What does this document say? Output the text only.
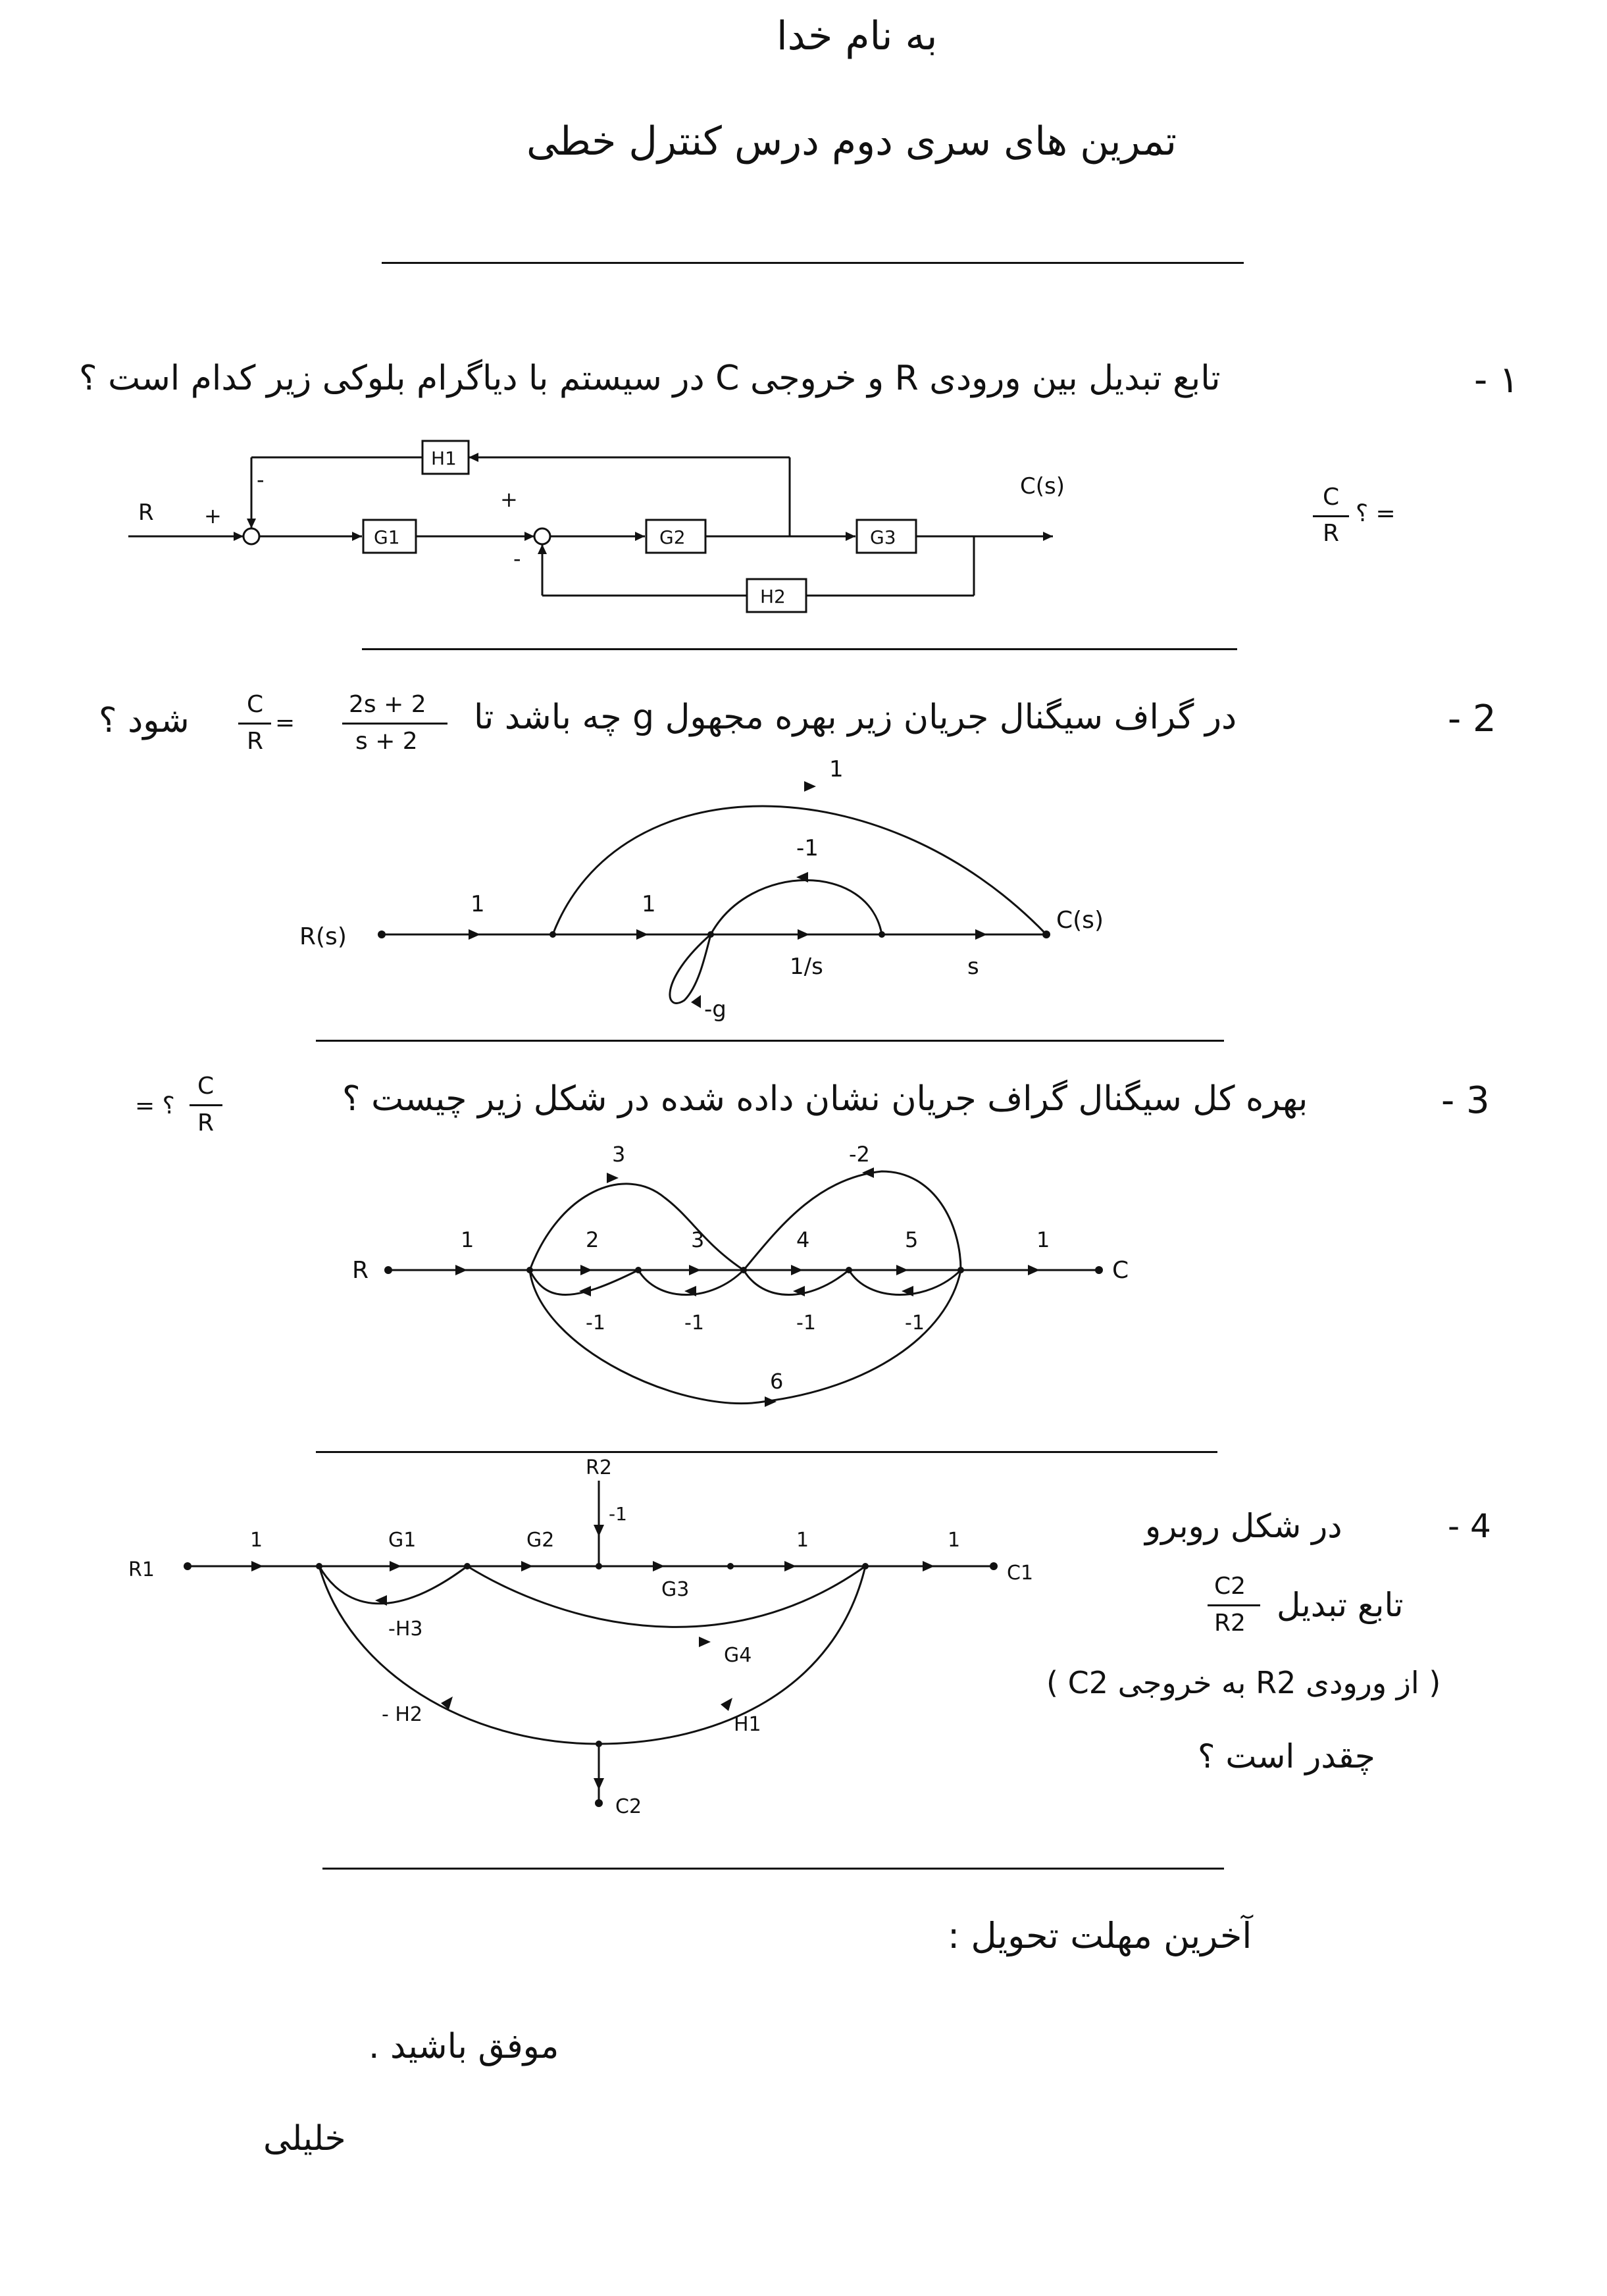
به نام خدا
تمرین های سری دوم درس کنترل خطی
۱ -
تابع تبدیل بین ورودی R و خروجی C در سیستم با دیاگرام بلوکی زیر کدام است ؟
R +
-
+
-
G1	G2	G3
H1
H2
C(s)	C
R
= ؟
2 -
در گراف سیگنال جریان زیر بهره مجهول g چه باشد تا
2s + 2
s + 2
=
C
R
شود ؟
R(s)
C(s)
1	1
1/s	s
1
-1
-g
3 -
بهره کل سیگنال گراف جریان نشان داده شده در شکل زیر چیست ؟
؟ =
C
R
R	C
1	2	3	4	5	1
3	-2
-1	-1	-1	-1
6
R1
R2
C1
C2
1	G1	G2
-1
1	1
G3
-H3
G4
- H2	H1
4 -
در شکل روبرو
C2
R2 تابع تبدیل
( از ورودی R2 به خروجی C2 )
چقدر است ؟
آخرین مهلت تحویل :
موفق باشید .
خلیلی
